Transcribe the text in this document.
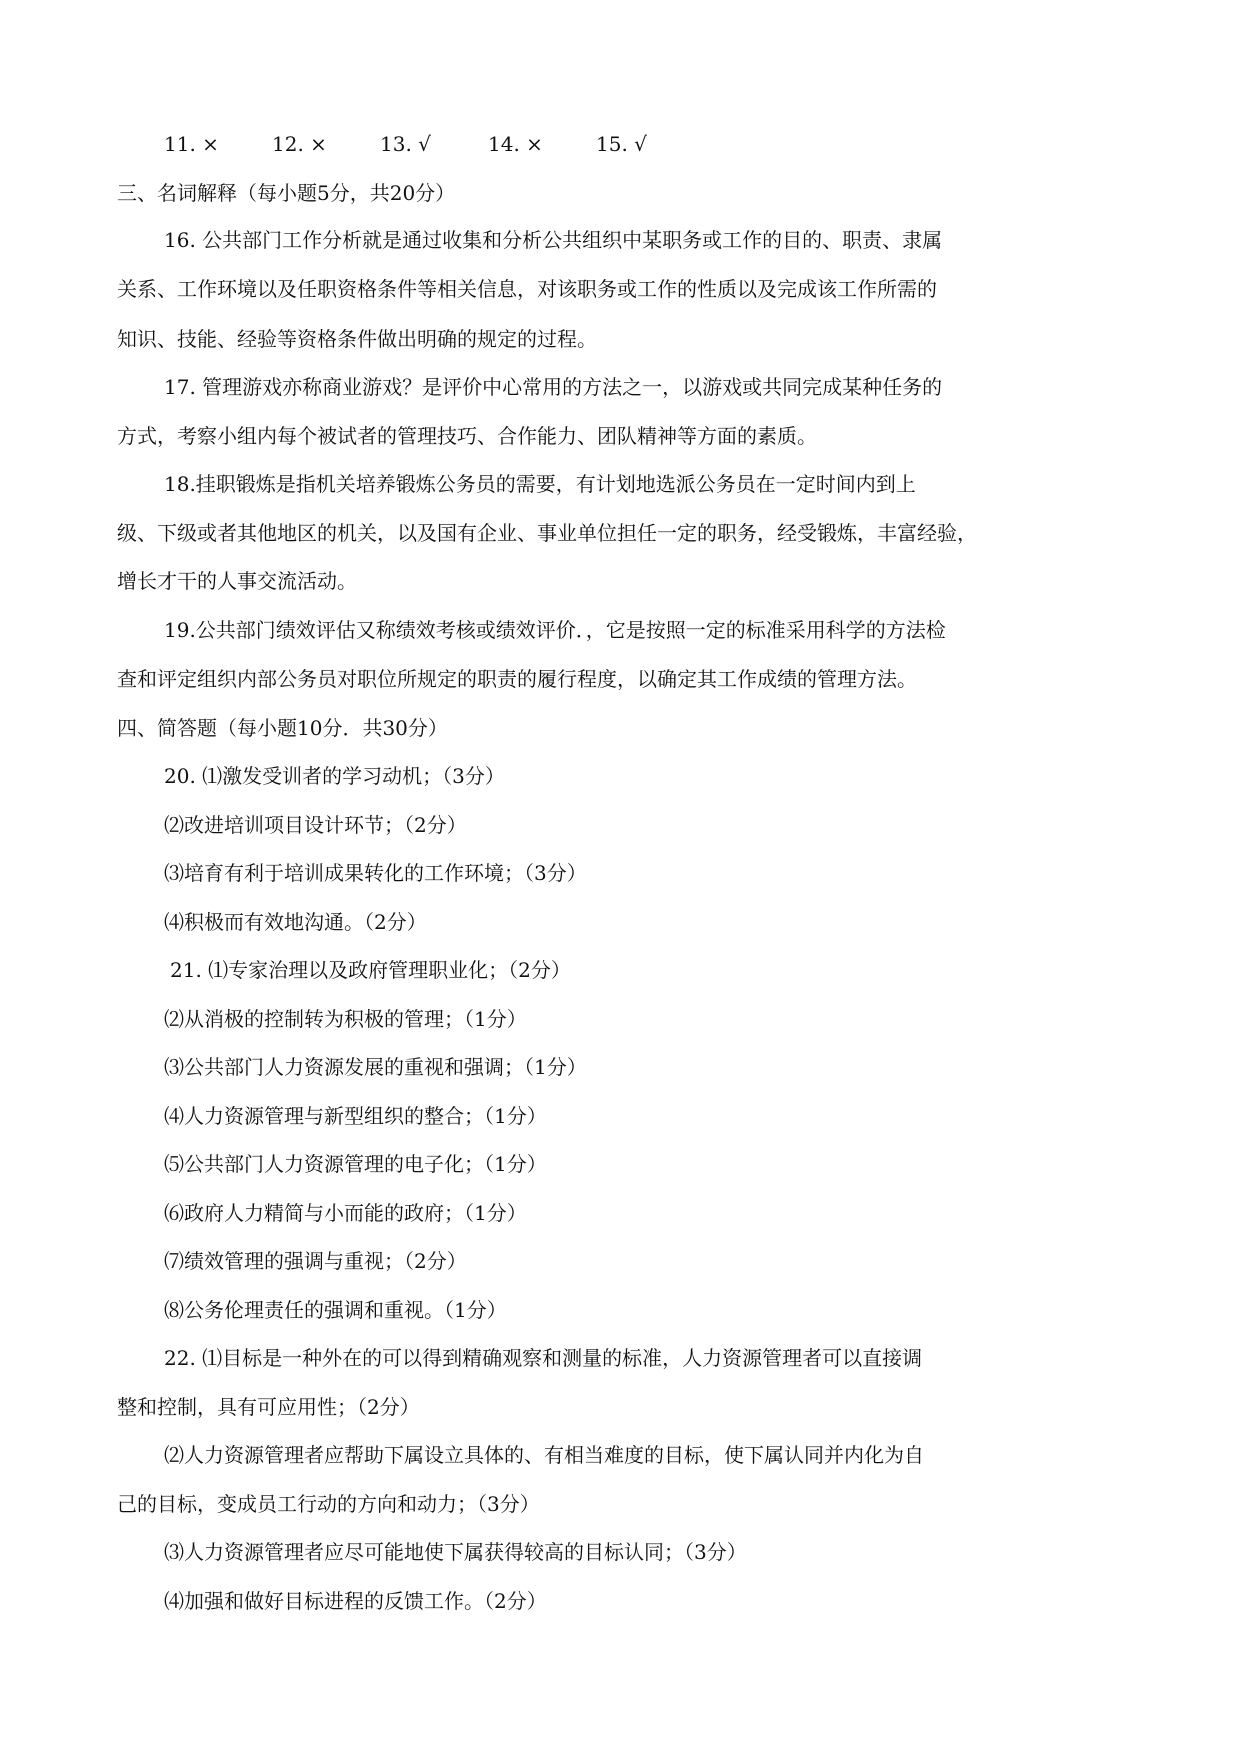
11. ×	12. ×	13. √	14. ×	15. √
三、名词解释（每小题5分，共20分）
16. 公共部门工作分析就是通过收集和分析公共组织中某职务或工作的目的、职责、隶属
关系、工作环境以及任职资格条件等相关信息，对该职务或工作的性质以及完成该工作所需的
知识、技能、经验等资格条件做出明确的规定的过程。
17. 管理游戏亦称商业游戏？是评价中心常用的方法之一，以游戏或共同完成某种任务的
方式，考察小组内每个被试者的管理技巧、合作能力、团队精神等方面的素质。
18.挂职锻炼是指机关培养锻炼公务员的需要，有计划地选派公务员在一定时间内到上
级、下级或者其他地区的机关，以及国有企业、事业单位担任一定的职务，经受锻炼，丰富经验，
增长才干的人事交流活动。
19.公共部门绩效评估又称绩效考核或绩效评价．，它是按照一定的标准采用科学的方法检
查和评定组织内部公务员对职位所规定的职责的履行程度，以确定其工作成绩的管理方法。
四、简答题（每小题10分．共30分）
20. ⑴激发受训者的学习动机；（3分）
⑵改进培训项目设计环节；（2分）
⑶培育有利于培训成果转化的工作环境；（3分）
⑷积极而有效地沟通。（2分）
21. ⑴专家治理以及政府管理职业化；（2分）
⑵从消极的控制转为积极的管理；（1分）
⑶公共部门人力资源发展的重视和强调；（1分）
⑷人力资源管理与新型组织的整合；（1分）
⑸公共部门人力资源管理的电子化；（1分）
⑹政府人力精简与小而能的政府；（1分）
⑺绩效管理的强调与重视；（2分）
⑻公务伦理责任的强调和重视。（1分）
22. ⑴目标是一种外在的可以得到精确观察和测量的标准，人力资源管理者可以直接调
整和控制，具有可应用性；（2分）
⑵人力资源管理者应帮助下属设立具体的、有相当难度的目标，使下属认同并内化为自
己的目标，变成员工行动的方向和动力；（3分）
⑶人力资源管理者应尽可能地使下属获得较高的目标认同；（3分）
⑷加强和做好目标进程的反馈工作。（2分）
